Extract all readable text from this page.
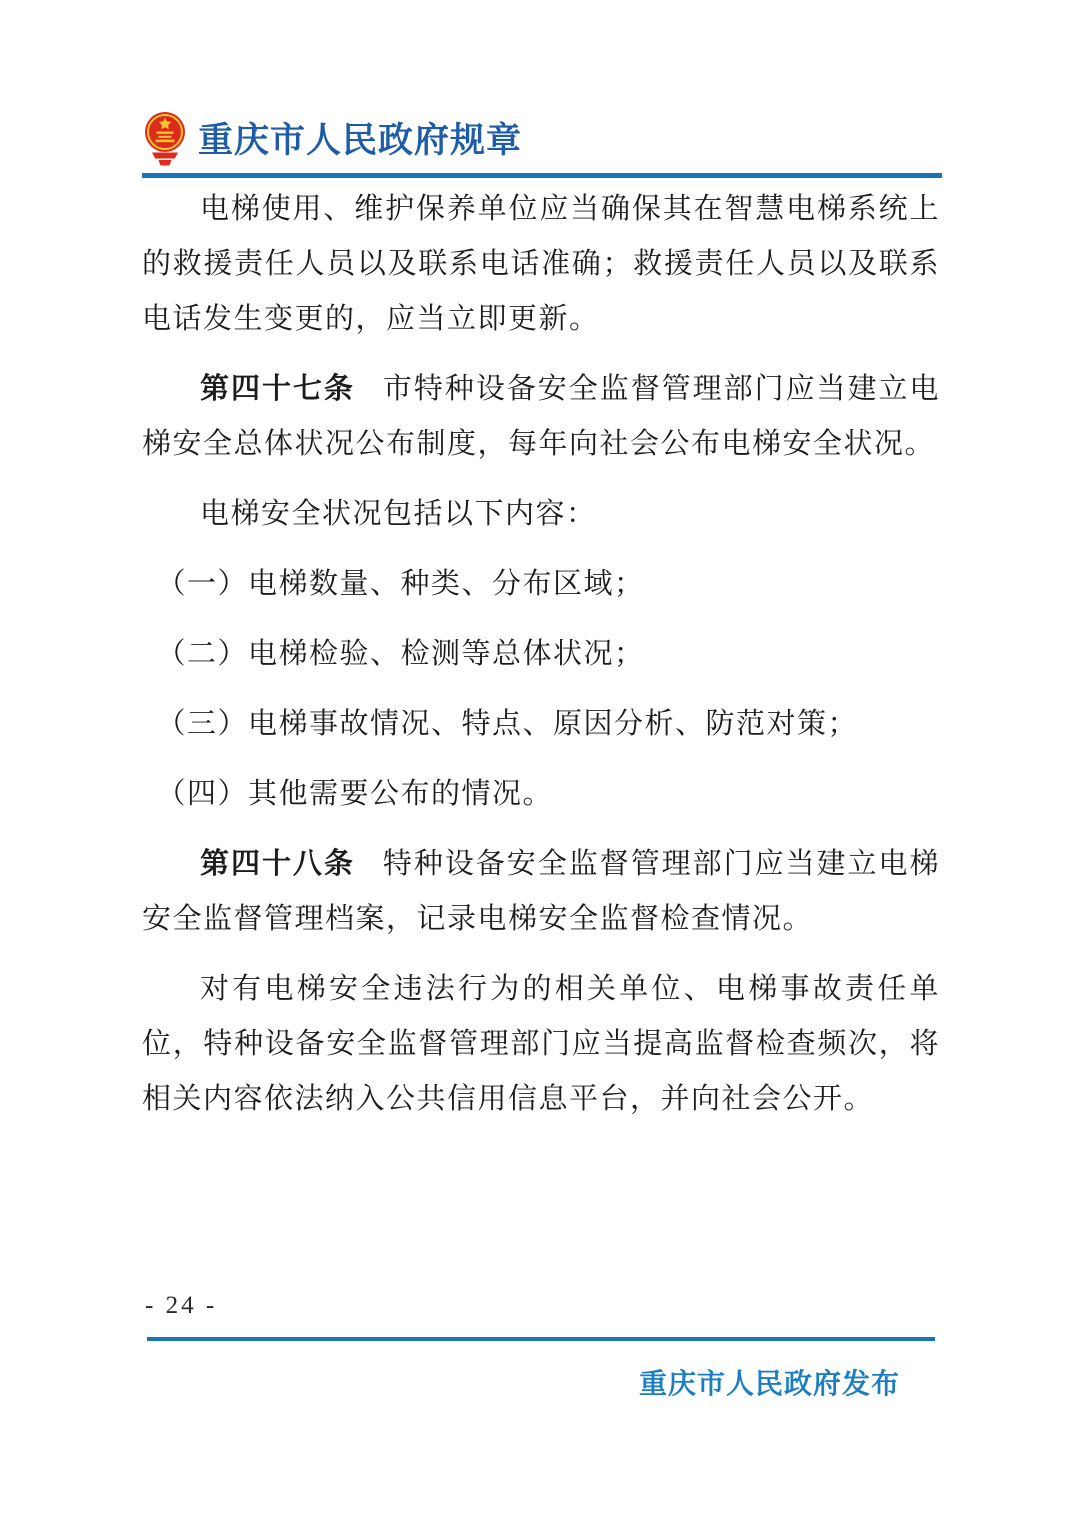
重庆市人民政府规章

电梯使用、维护保养单位应当确保其在智慧电梯系统上的救援责任人员以及联系电话准确；救援责任人员以及联系电话发生变更的，应当立即更新。

第四十七条 市特种设备安全监督管理部门应当建立电梯安全总体状况公布制度，每年向社会公布电梯安全状况。

电梯安全状况包括以下内容：

（一）电梯数量、种类、分布区域；

（二）电梯检验、检测等总体状况；

（三）电梯事故情况、特点、原因分析、防范对策；

（四）其他需要公布的情况。

第四十八条 特种设备安全监督管理部门应当建立电梯安全监督管理档案，记录电梯安全监督检查情况。

对有电梯安全违法行为的相关单位、电梯事故责任单位，特种设备安全监督管理部门应当提高监督检查频次，将相关内容依法纳入公共信用信息平台，并向社会公开。

- 24 -
重庆市人民政府发布
